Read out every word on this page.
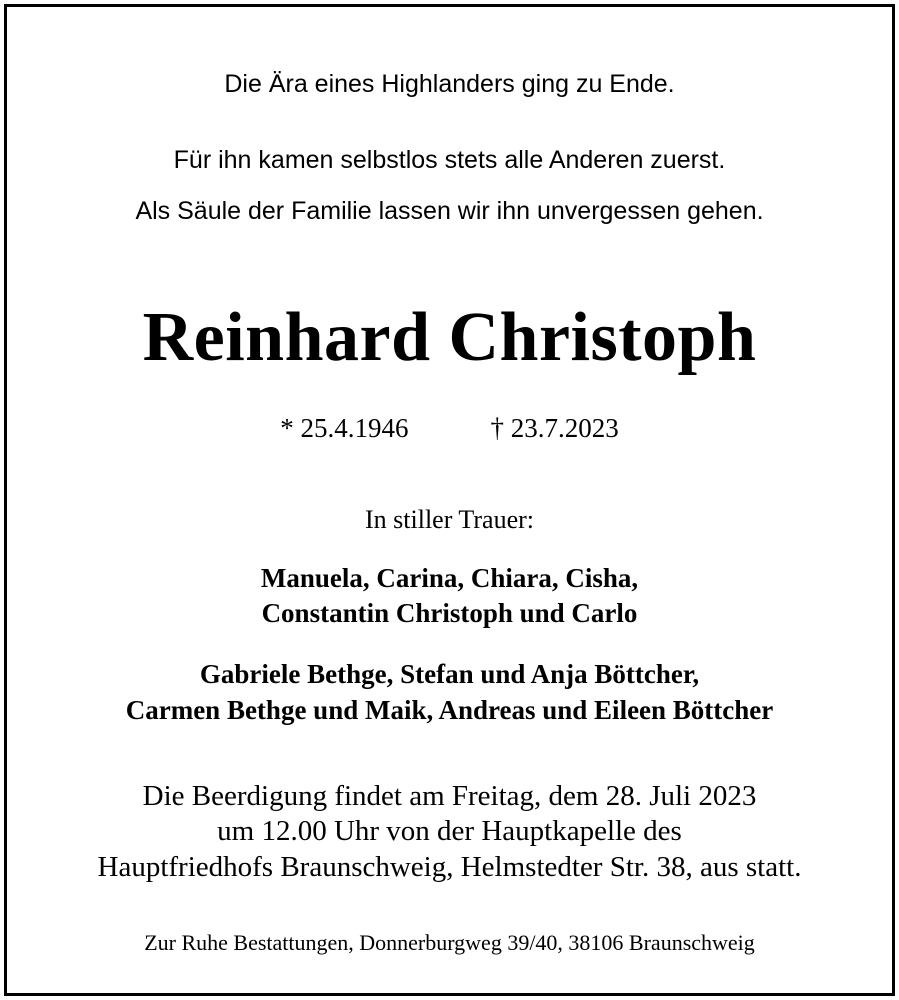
Die Ära eines Highlanders ging zu Ende.

Für ihn kamen selbstlos stets alle Anderen zuerst.

Als Säule der Familie lassen wir ihn unvergessen gehen.

Reinhard Christoph
* 25.4.1946	† 23.7.2023

In stiller Trauer:

Manuela, Carina, Chiara, Cisha,

Constantin Christoph und Carlo

Gabriele Bethge, Stefan und Anja Böttcher,

Carmen Bethge und Maik, Andreas und Eileen Böttcher

Die Beerdigung findet am Freitag, dem 28. Juli 2023

um 12.00 Uhr von der Hauptkapelle des

Hauptfriedhofs Braunschweig, Helmstedter Str. 38, aus statt.

Zur Ruhe Bestattungen, Donnerburgweg 39/40, 38106 Braunschweig
